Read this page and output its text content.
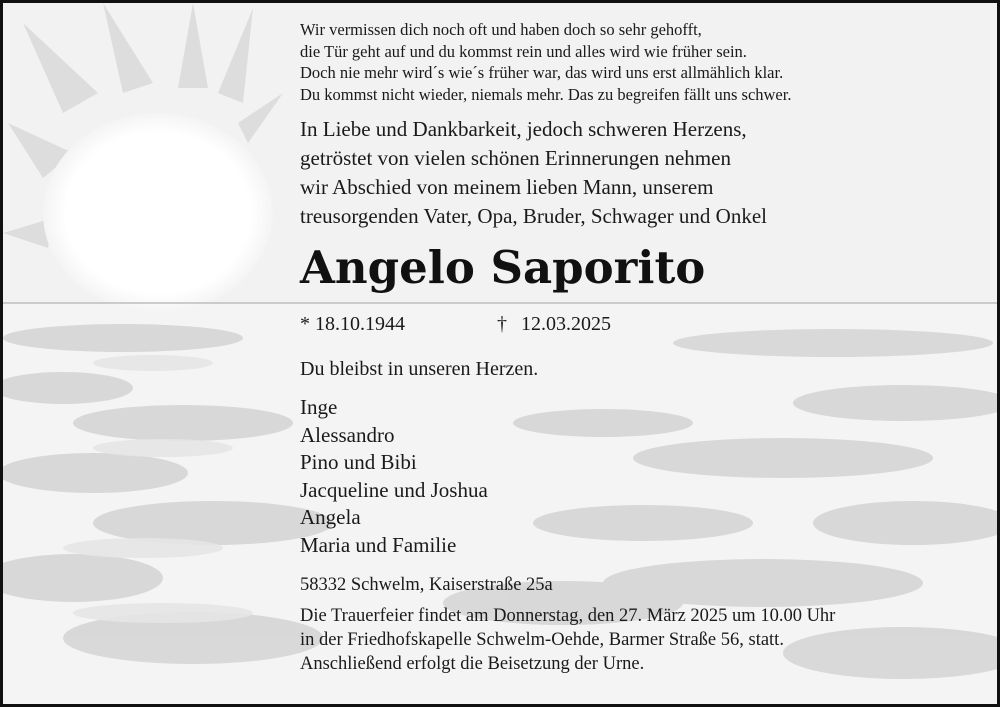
Wir vermissen dich noch oft und haben doch so sehr gehofft,
die Tür geht auf und du kommst rein und alles wird wie früher sein.
Doch nie mehr wird´s wie´s früher war, das wird uns erst allmählich klar.
Du kommst nicht wieder, niemals mehr. Das zu begreifen fällt uns schwer.
In Liebe und Dankbarkeit, jedoch schweren Herzens,
getröstet von vielen schönen Erinnerungen nehmen
wir Abschied von meinem lieben Mann, unserem
treusorgenden Vater, Opa, Bruder, Schwager und Onkel
Angelo Saporito
* 18.10.1944	† 12.03.2025
Du bleibst in unseren Herzen.
Inge
Alessandro
Pino und Bibi
Jacqueline und Joshua
Angela
Maria und Familie
58332 Schwelm, Kaiserstraße 25a
Die Trauerfeier findet am Donnerstag, den 27. März 2025 um 10.00 Uhr
in der Friedhofskapelle Schwelm-Oehde, Barmer Straße 56, statt.
Anschließend erfolgt die Beisetzung der Urne.
